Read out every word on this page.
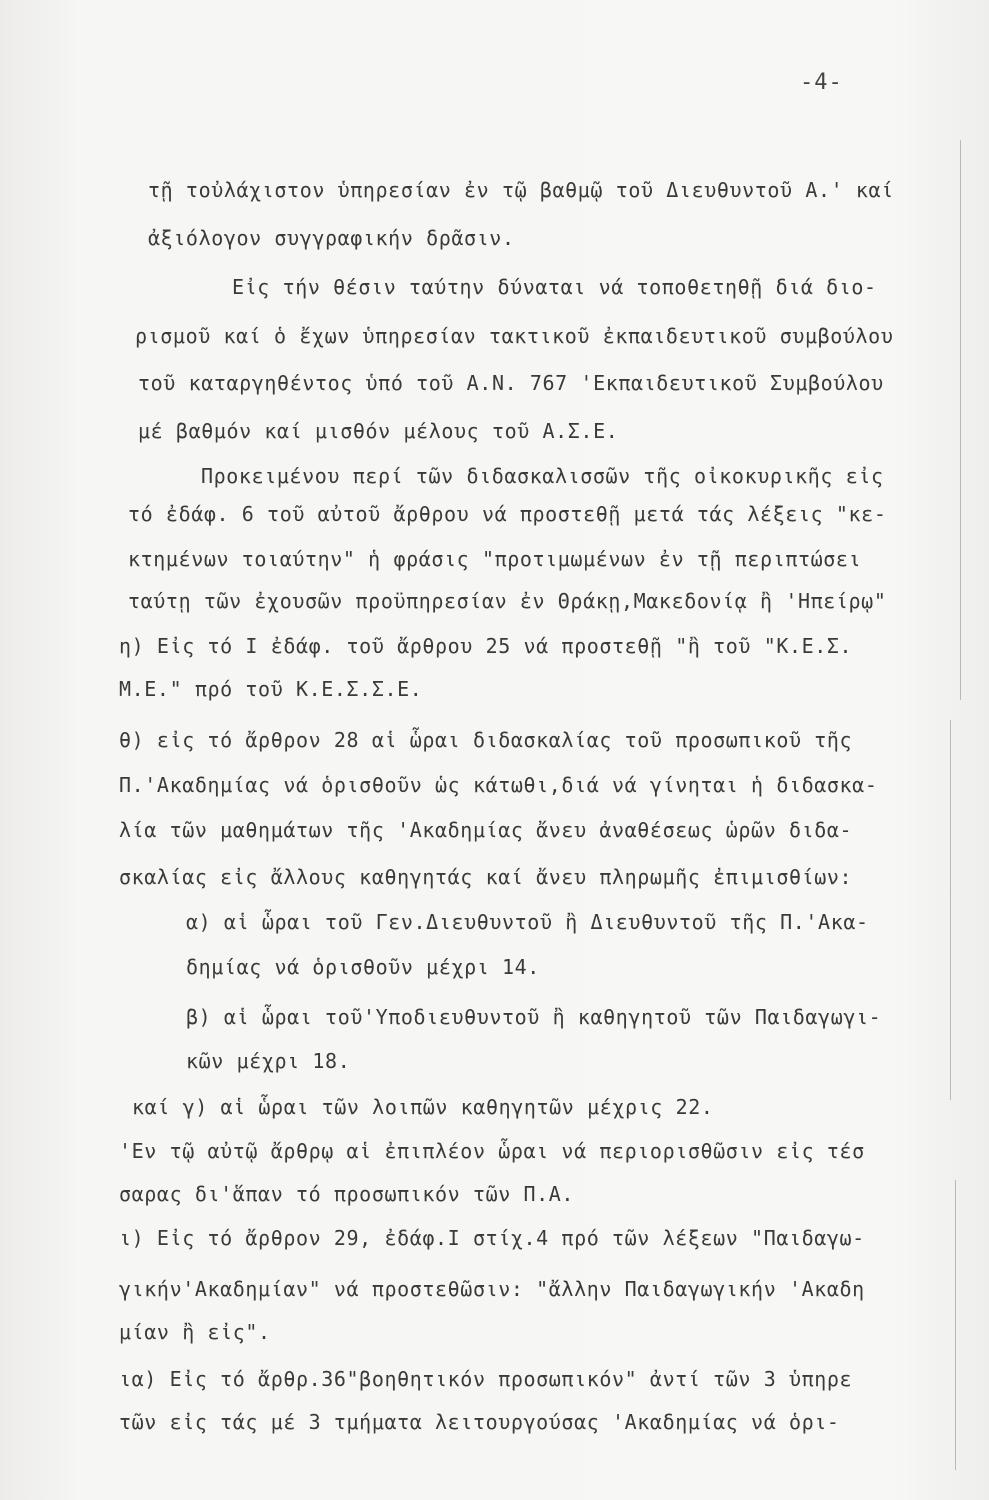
-4-
τῇ τοὐλάχιστον ὑπηρεσίαν ἐν τῷ βαθμῷ τοῦ Διευθυντοῦ Α.' καί
ἀξιόλογον συγγραφικήν δρᾶσιν.
Εἰς τήν θέσιν ταύτην δύναται νά τοποθετηθῇ διά διο-
ρισμοῦ καί ὁ ἔχων ὑπηρεσίαν τακτικοῦ ἐκπαιδευτικοῦ συμβούλου
τοῦ καταργηθέντος ὑπό τοῦ Α.Ν. 767 'Εκπαιδευτικοῦ Συμβούλου
μέ βαθμόν καί μισθόν μέλους τοῦ Α.Σ.Ε.
Προκειμένου περί τῶν διδασκαλισσῶν τῆς οἰκοκυρικῆς εἰς
τό ἐδάφ. 6 τοῦ αὐτοῦ ἄρθρου νά προστεθῇ μετά τάς λέξεις "κε-
κτημένων τοιαύτην" ἡ φράσις "προτιμωμένων ἐν τῇ περιπτώσει
ταύτῃ τῶν ἐχουσῶν προϋπηρεσίαν ἐν Θράκῃ,Μακεδονίᾳ ἢ 'Ηπείρῳ"
η) Εἰς τό Ι ἐδάφ. τοῦ ἄρθρου 25 νά προστεθῇ "ἢ τοῦ "Κ.Ε.Σ.
Μ.Ε." πρό τοῦ Κ.Ε.Σ.Σ.Ε.
θ) εἰς τό ἄρθρον 28 αἱ ὧραι διδασκαλίας τοῦ προσωπικοῦ τῆς
Π.'Ακαδημίας νά ὁρισθοῦν ὡς κάτωθι,διά νά γίνηται ἡ διδασκα-
λία τῶν μαθημάτων τῆς 'Ακαδημίας ἄνευ ἀναθέσεως ὡρῶν διδα-
σκαλίας εἰς ἄλλους καθηγητάς καί ἄνευ πληρωμῆς ἐπιμισθίων:
α) αἱ ὧραι τοῦ Γεν.Διευθυντοῦ ἢ Διευθυντοῦ τῆς Π.'Ακα-
δημίας νά ὁρισθοῦν μέχρι 14.
β) αἱ ὧραι τοῦ'Υποδιευθυντοῦ ἢ καθηγητοῦ τῶν Παιδαγωγι-
κῶν μέχρι 18.
καί γ) αἱ ὧραι τῶν λοιπῶν καθηγητῶν μέχρις 22.
'Εν τῷ αὐτῷ ἄρθρῳ αἱ ἐπιπλέον ὧραι νά περιορισθῶσιν εἰς τέσ
σαρας δι'ἅπαν τό προσωπικόν τῶν Π.Α.
ι) Εἰς τό ἄρθρον 29, ἐδάφ.Ι στίχ.4 πρό τῶν λέξεων "Παιδαγω-
γικήν'Ακαδημίαν" νά προστεθῶσιν: "ἄλλην Παιδαγωγικήν 'Ακαδη
μίαν ἢ εἰς".
ια) Εἰς τό ἄρθρ.36"βοηθητικόν προσωπικόν" ἀντί τῶν 3 ὑπηρε
τῶν εἰς τάς μέ 3 τμήματα λειτουργούσας 'Ακαδημίας νά ὁρι-
